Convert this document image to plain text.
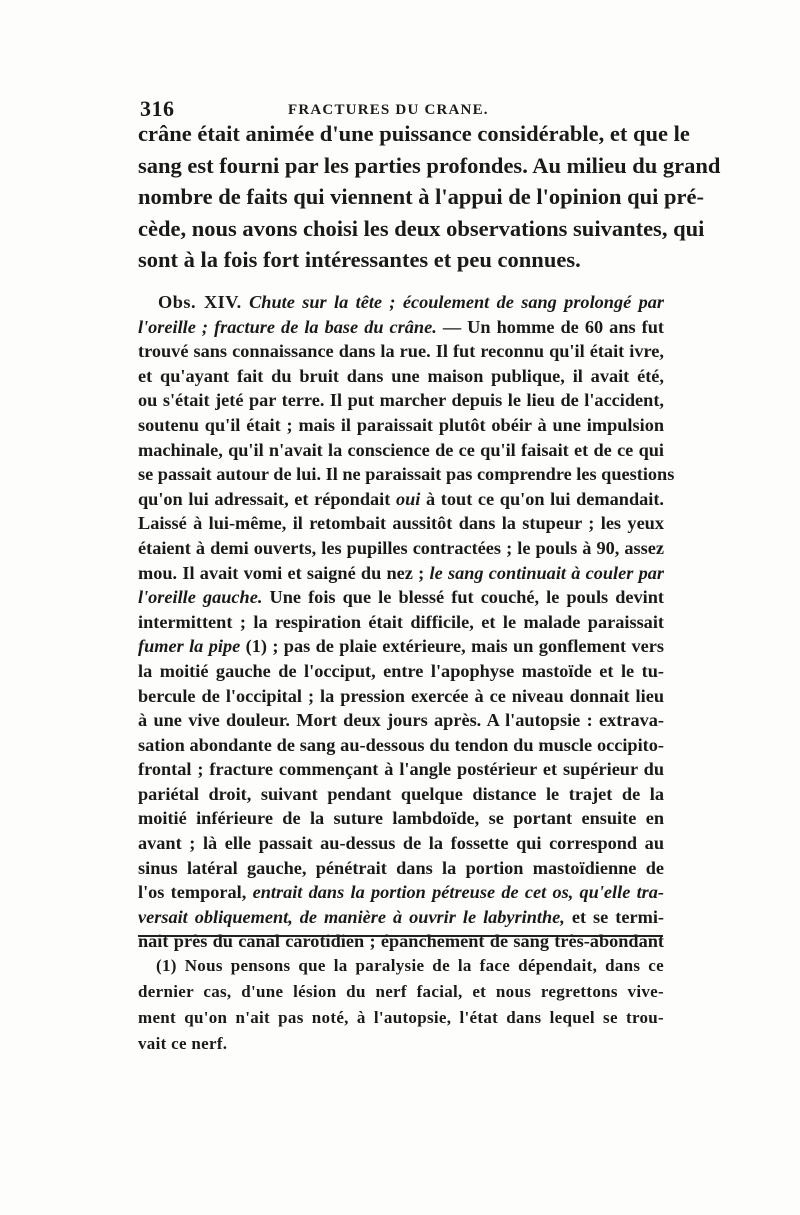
316	FRACTURES DU CRANE.
crâne était animée d'une puissance considérable, et que le
sang est fourni par les parties profondes. Au milieu du grand
nombre de faits qui viennent à l'appui de l'opinion qui pré-
cède, nous avons choisi les deux observations suivantes, qui
sont à la fois fort intéressantes et peu connues.
Obs. XIV. Chute sur la tête ; écoulement de sang prolongé par
l'oreille ; fracture de la base du crâne. — Un homme de 60 ans fut
trouvé sans connaissance dans la rue. Il fut reconnu qu'il était ivre,
et qu'ayant fait du bruit dans une maison publique, il avait été,
ou s'était jeté par terre. Il put marcher depuis le lieu de l'accident,
soutenu qu'il était ; mais il paraissait plutôt obéir à une impulsion
machinale, qu'il n'avait la conscience de ce qu'il faisait et de ce qui
se passait autour de lui. Il ne paraissait pas comprendre les questions
qu'on lui adressait, et répondait oui à tout ce qu'on lui demandait.
Laissé à lui-même, il retombait aussitôt dans la stupeur ; les yeux
étaient à demi ouverts, les pupilles contractées ; le pouls à 90, assez
mou. Il avait vomi et saigné du nez ; le sang continuait à couler par
l'oreille gauche. Une fois que le blessé fut couché, le pouls devint
intermittent ; la respiration était difficile, et le malade paraissait
fumer la pipe (1) ; pas de plaie extérieure, mais un gonflement vers
la moitié gauche de l'occiput, entre l'apophyse mastoïde et le tu-
bercule de l'occipital ; la pression exercée à ce niveau donnait lieu
à une vive douleur. Mort deux jours après. A l'autopsie : extrava-
sation abondante de sang au-dessous du tendon du muscle occipito-
frontal ; fracture commençant à l'angle postérieur et supérieur du
pariétal droit, suivant pendant quelque distance le trajet de la
moitié inférieure de la suture lambdoïde, se portant ensuite en
avant ; là elle passait au-dessus de la fossette qui correspond au
sinus latéral gauche, pénétrait dans la portion mastoïdienne de
l'os temporal, entrait dans la portion pétreuse de cet os, qu'elle tra-
versait obliquement, de manière à ouvrir le labyrinthe, et se termi-
nait près du canal carotidien ; épanchement de sang très-abondant
(1) Nous pensons que la paralysie de la face dépendait, dans ce
dernier cas, d'une lésion du nerf facial, et nous regrettons vive-
ment qu'on n'ait pas noté, à l'autopsie, l'état dans lequel se trou-
vait ce nerf.
